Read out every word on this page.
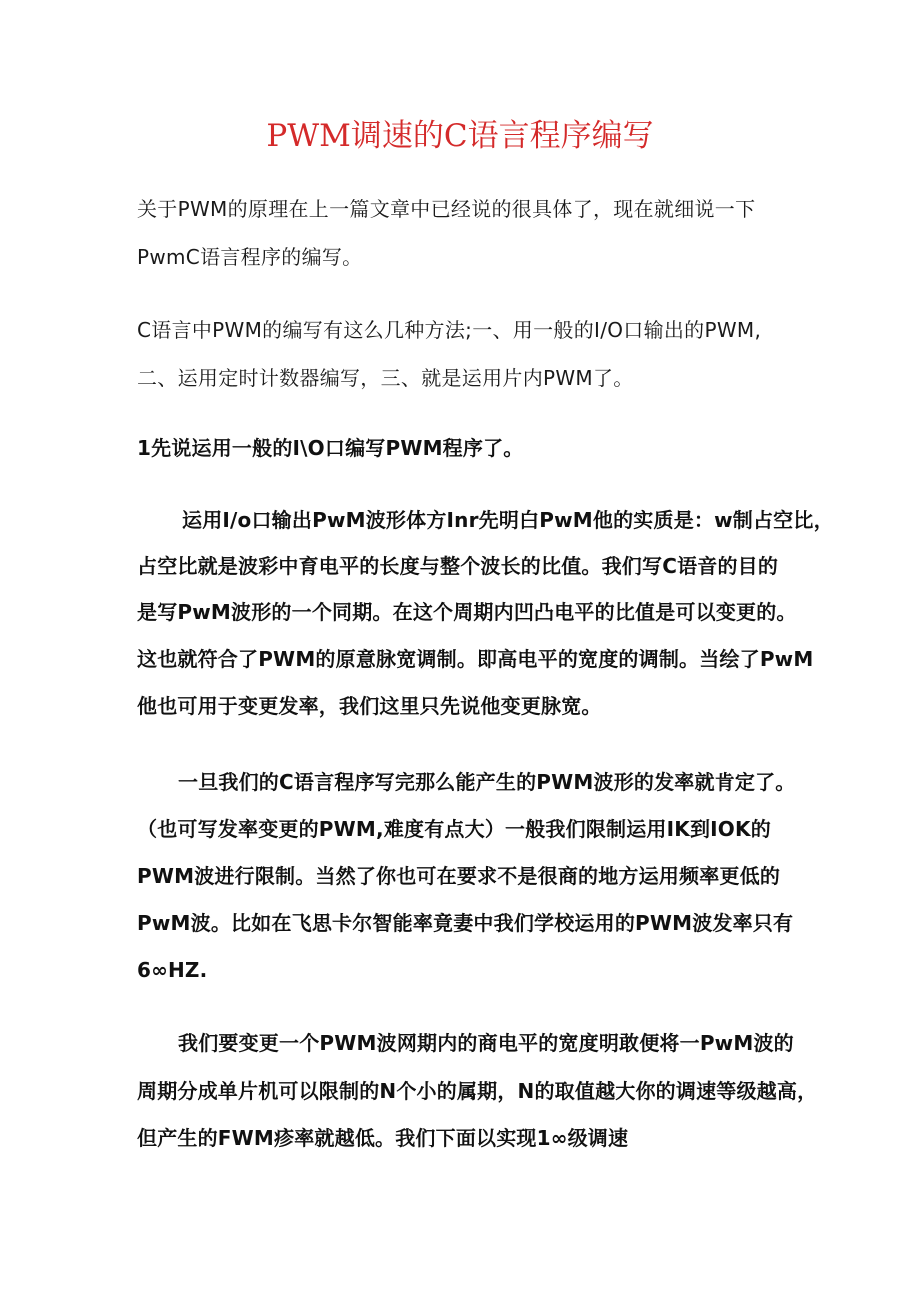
PWM调速的C语言程序编写
关于PWM的原理在上一篇文章中已经说的很具体了，现在就细说一下
PwmC语言程序的编写。
C语言中PWM的编写有这么几种方法;一、用一般的I/O口输出的PWM,
二、运用定时计数器编写，三、就是运用片内PWM了。
1先说运用一般的I\O口编写PWM程序了。
运用I/o口输出PwM波形体方Inr先明白PwM他的实质是：w制占空比，
占空比就是波彩中育电平的长度与整个波长的比值。我们写C语音的目的
是写PwM波形的一个同期。在这个周期内凹凸电平的比值是可以变更的。
这也就符合了PWM的原意脉宽调制。即高电平的宽度的调制。当绘了PwM
他也可用于变更发率，我们这里只先说他变更脉宽。
一旦我们的C语言程序写完那么能产生的PWM波形的发率就肯定了。
（也可写发率变更的PWM,难度有点大）一般我们限制运用IK到IOK的
PWM波进行限制。当然了你也可在要求不是很商的地方运用频率更低的
PwM波。比如在飞思卡尔智能率竟妻中我们学校运用的PWM波发率只有
6∞HZ.
我们要变更一个PWM波网期内的商电平的宽度明敢便将一PwM波的
周期分成单片机可以限制的N个小的属期，N的取值越大你的调速等级越高，
但产生的FWM疹率就越低。我们下面以实现1∞级调速
